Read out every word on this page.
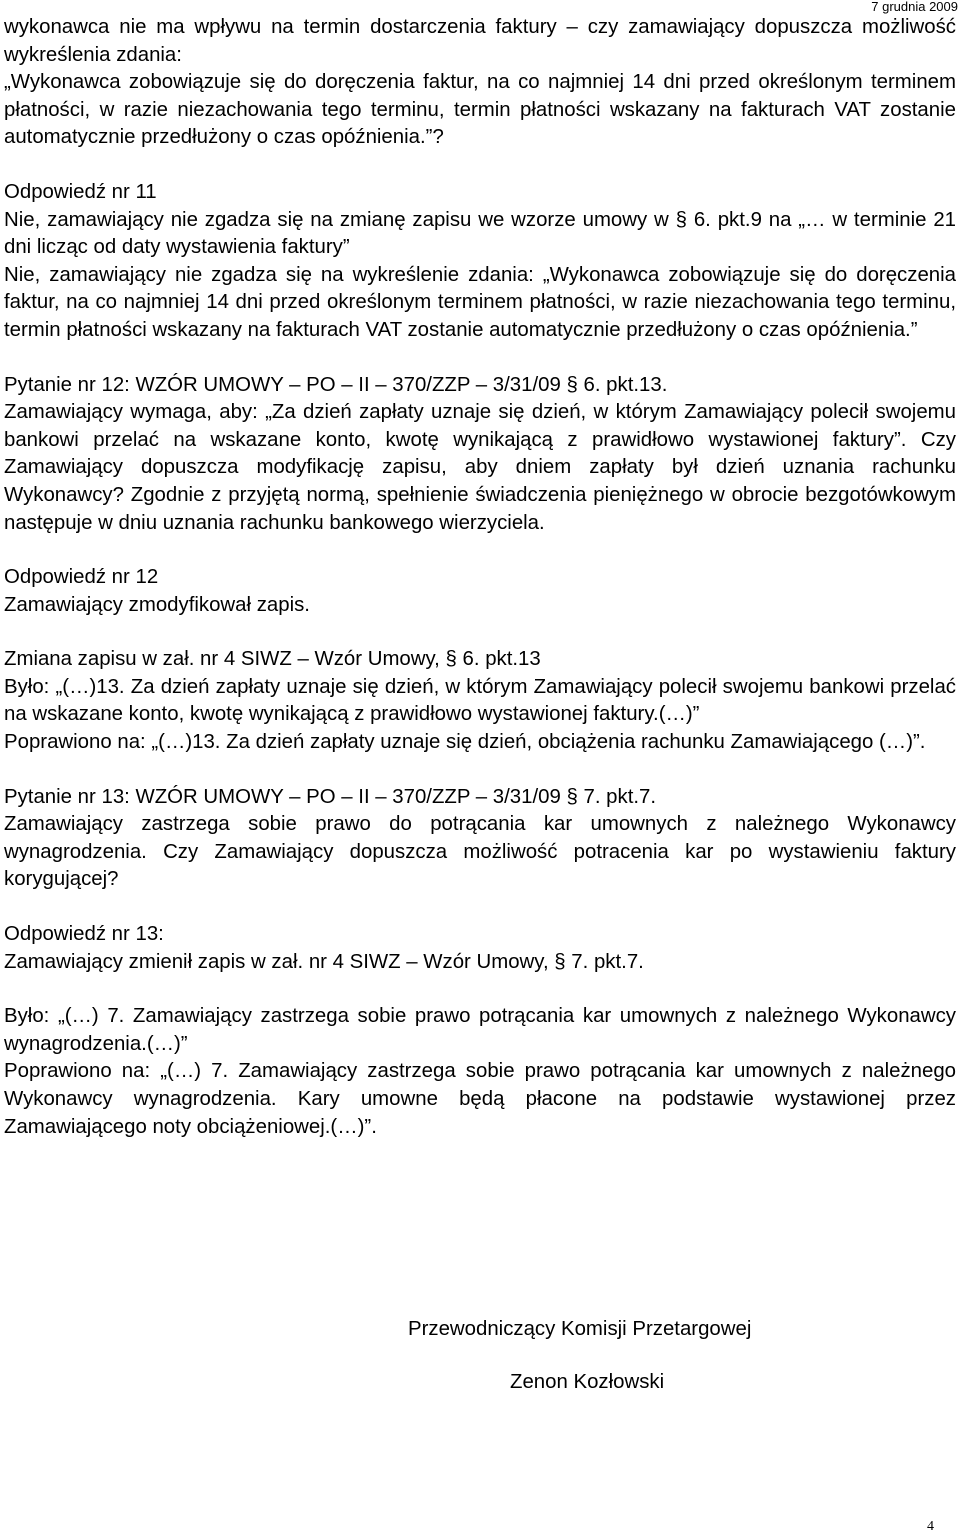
7 grudnia 2009

wykonawca nie ma wpływu na termin dostarczenia faktury – czy zamawiający dopuszcza możliwość wykreślenia zdania:

„Wykonawca zobowiązuje się do doręczenia faktur, na co najmniej 14 dni przed określonym terminem płatności, w razie niezachowania tego terminu, termin płatności wskazany na fakturach VAT zostanie automatycznie przedłużony o czas opóźnienia.”?

Odpowiedź nr 11

Nie, zamawiający nie zgadza się na zmianę zapisu we wzorze umowy w § 6. pkt.9 na „… w terminie 21 dni licząc od daty wystawienia faktury”

Nie, zamawiający nie zgadza się na wykreślenie zdania: „Wykonawca zobowiązuje się do doręczenia faktur, na co najmniej 14 dni przed określonym terminem płatności, w razie niezachowania tego terminu, termin płatności wskazany na fakturach VAT zostanie automatycznie przedłużony o czas opóźnienia.”

Pytanie nr 12: WZÓR UMOWY – PO – II – 370/ZZP – 3/31/09 § 6. pkt.13.

Zamawiający wymaga, aby: „Za dzień zapłaty uznaje się dzień, w którym Zamawiający polecił swojemu bankowi przelać na wskazane konto, kwotę wynikającą z prawidłowo wystawionej faktury”. Czy Zamawiający dopuszcza modyfikację zapisu, aby dniem zapłaty był dzień uznania rachunku Wykonawcy? Zgodnie z przyjętą normą, spełnienie świadczenia pieniężnego w obrocie bezgotówkowym następuje w dniu uznania rachunku bankowego wierzyciela.

Odpowiedź nr 12

Zamawiający zmodyfikował zapis.

Zmiana zapisu w zał. nr 4 SIWZ – Wzór Umowy, § 6. pkt.13

Było: „(…)13. Za dzień zapłaty uznaje się dzień, w którym Zamawiający polecił swojemu bankowi przelać na wskazane konto, kwotę wynikającą z prawidłowo wystawionej faktury.(…)”

Poprawiono na: „(…)13. Za dzień zapłaty uznaje się dzień, obciążenia rachunku Zamawiającego (…)”.

Pytanie nr 13: WZÓR UMOWY – PO – II – 370/ZZP – 3/31/09 § 7. pkt.7.

Zamawiający zastrzega sobie prawo do potrącania kar umownych z należnego Wykonawcy wynagrodzenia. Czy Zamawiający dopuszcza możliwość potracenia kar po wystawieniu faktury korygującej?

Odpowiedź nr 13:

Zamawiający zmienił zapis w zał. nr 4 SIWZ – Wzór Umowy, § 7. pkt.7.

Było: „(…) 7. Zamawiający zastrzega sobie prawo potrącania kar umownych z należnego Wykonawcy wynagrodzenia.(…)”

Poprawiono na: „(…) 7. Zamawiający zastrzega sobie prawo potrącania kar umownych z należnego Wykonawcy wynagrodzenia. Kary umowne będą płacone na podstawie wystawionej przez Zamawiającego noty obciążeniowej.(…)”.

Przewodniczący Komisji Przetargowej
Zenon Kozłowski
4
